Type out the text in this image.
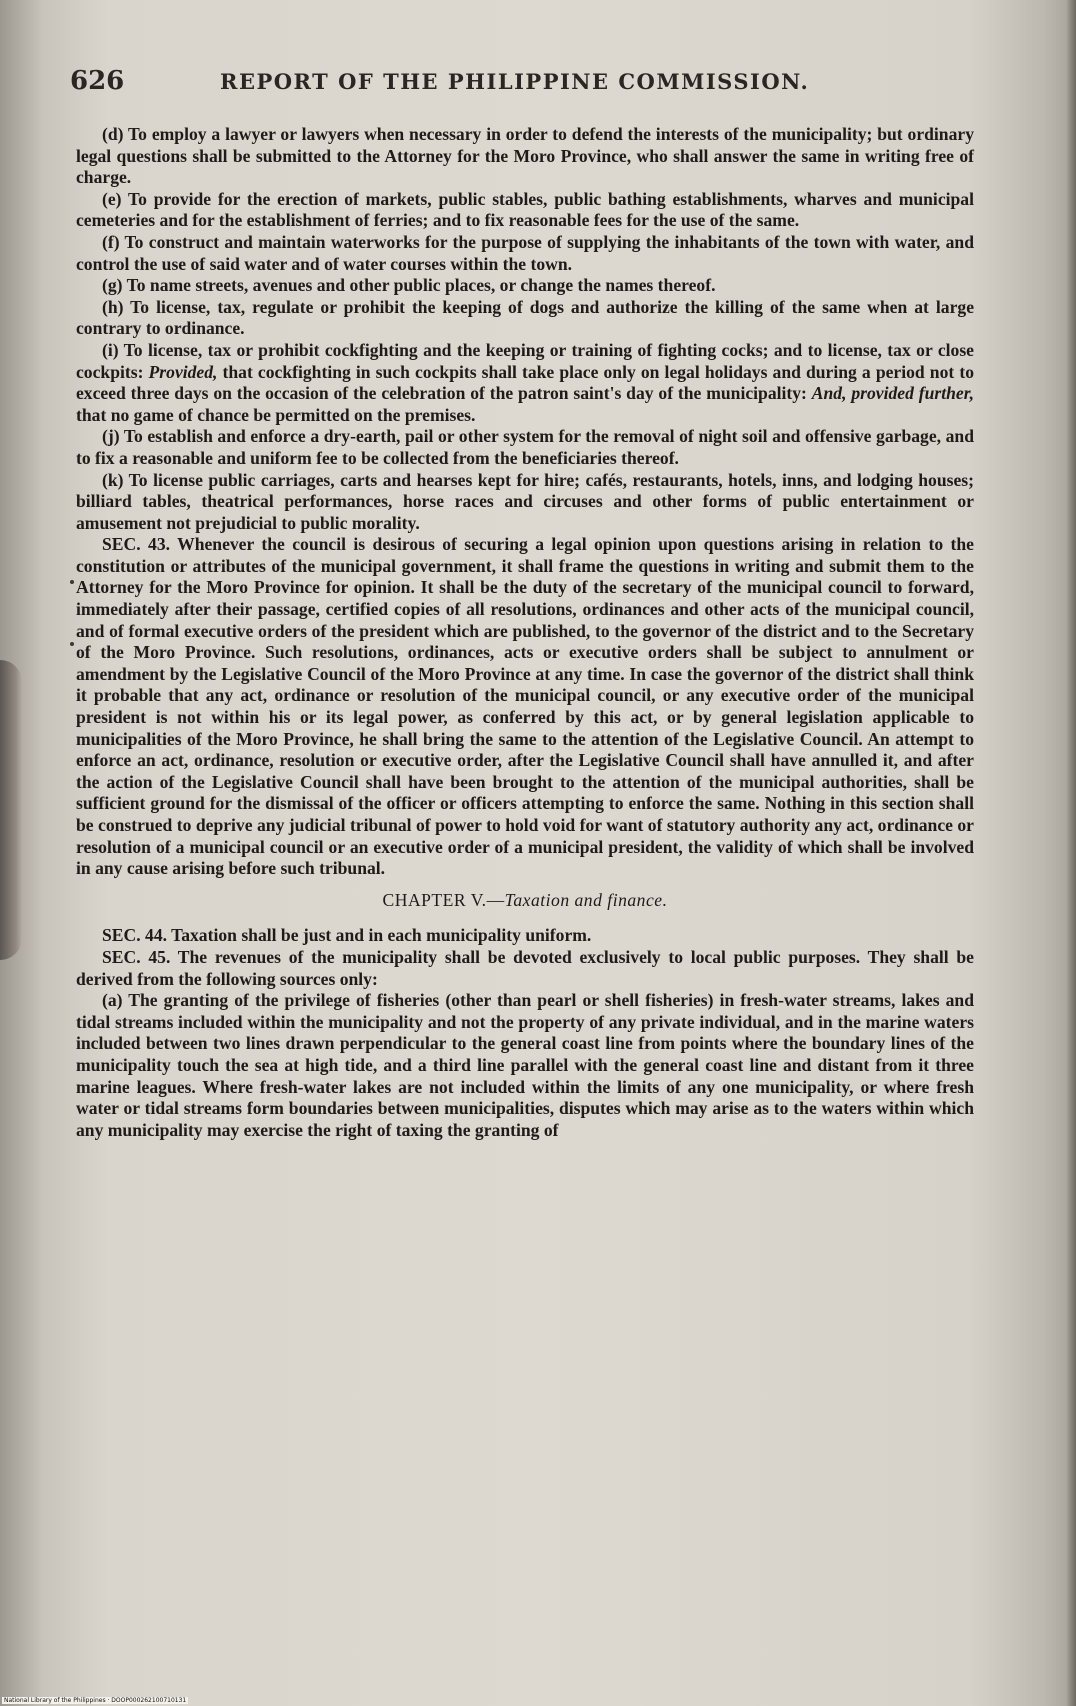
626	REPORT OF THE PHILIPPINE COMMISSION.

(d) To employ a lawyer or lawyers when necessary in order to defend the interests of the municipality; but ordinary legal questions shall be submitted to the Attorney for the Moro Province, who shall answer the same in writing free of charge.

(e) To provide for the erection of markets, public stables, public bathing establishments, wharves and municipal cemeteries and for the establishment of ferries; and to fix reasonable fees for the use of the same.

(f) To construct and maintain waterworks for the purpose of supplying the inhabitants of the town with water, and control the use of said water and of water courses within the town.

(g) To name streets, avenues and other public places, or change the names thereof.

(h) To license, tax, regulate or prohibit the keeping of dogs and authorize the killing of the same when at large contrary to ordinance.

(i) To license, tax or prohibit cockfighting and the keeping or training of fighting cocks; and to license, tax or close cockpits: Provided, that cockfighting in such cockpits shall take place only on legal holidays and during a period not to exceed three days on the occasion of the celebration of the patron saint's day of the municipality: And, provided further, that no game of chance be permitted on the premises.

(j) To establish and enforce a dry-earth, pail or other system for the removal of night soil and offensive garbage, and to fix a reasonable and uniform fee to be collected from the beneficiaries thereof.

(k) To license public carriages, carts and hearses kept for hire; cafés, restaurants, hotels, inns, and lodging houses; billiard tables, theatrical performances, horse races and circuses and other forms of public entertainment or amusement not prejudicial to public morality.

SEC. 43. Whenever the council is desirous of securing a legal opinion upon questions arising in relation to the constitution or attributes of the municipal government, it shall frame the questions in writing and submit them to the Attorney for the Moro Province for opinion. It shall be the duty of the secretary of the municipal council to forward, immediately after their passage, certified copies of all resolutions, ordinances and other acts of the municipal council, and of formal executive orders of the president which are published, to the governor of the district and to the Secretary of the Moro Province. Such resolutions, ordinances, acts or executive orders shall be subject to annulment or amendment by the Legislative Council of the Moro Province at any time. In case the governor of the district shall think it probable that any act, ordinance or resolution of the municipal council, or any executive order of the municipal president is not within his or its legal power, as conferred by this act, or by general legislation applicable to municipalities of the Moro Province, he shall bring the same to the attention of the Legislative Council. An attempt to enforce an act, ordinance, resolution or executive order, after the Legislative Council shall have annulled it, and after the action of the Legislative Council shall have been brought to the attention of the municipal authorities, shall be sufficient ground for the dismissal of the officer or officers attempting to enforce the same. Nothing in this section shall be construed to deprive any judicial tribunal of power to hold void for want of statutory authority any act, ordinance or resolution of a municipal council or an executive order of a municipal president, the validity of which shall be involved in any cause arising before such tribunal.

CHAPTER V.—Taxation and finance.

SEC. 44. Taxation shall be just and in each municipality uniform.

SEC. 45. The revenues of the municipality shall be devoted exclusively to local public purposes. They shall be derived from the following sources only:

(a) The granting of the privilege of fisheries (other than pearl or shell fisheries) in fresh-water streams, lakes and tidal streams included within the municipality and not the property of any private individual, and in the marine waters included between two lines drawn perpendicular to the general coast line from points where the boundary lines of the municipality touch the sea at high tide, and a third line parallel with the general coast line and distant from it three marine leagues. Where fresh-water lakes are not included within the limits of any one municipality, or where fresh water or tidal streams form boundaries between municipalities, disputes which may arise as to the waters within which any municipality may exercise the right of taxing the granting of

National Library of the Philippines · DOOP000262100710131
